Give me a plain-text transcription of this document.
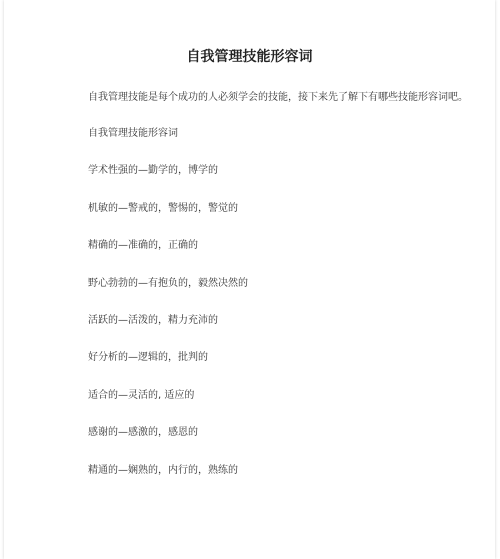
自我管理技能形容词

自我管理技能是每个成功的人必须学会的技能，接下来先了解下有哪些技能形容词吧。

自我管理技能形容词
学术性强的—勤学的，博学的
机敏的—警戒的，警惕的，警觉的
精确的—准确的，正确的
野心勃勃的—有抱负的，毅然决然的
活跃的—活泼的，精力充沛的
好分析的—逻辑的，批判的
适合的—灵活的, 适应的
感谢的—感激的，感恩的
精通的—娴熟的，内行的，熟练的
